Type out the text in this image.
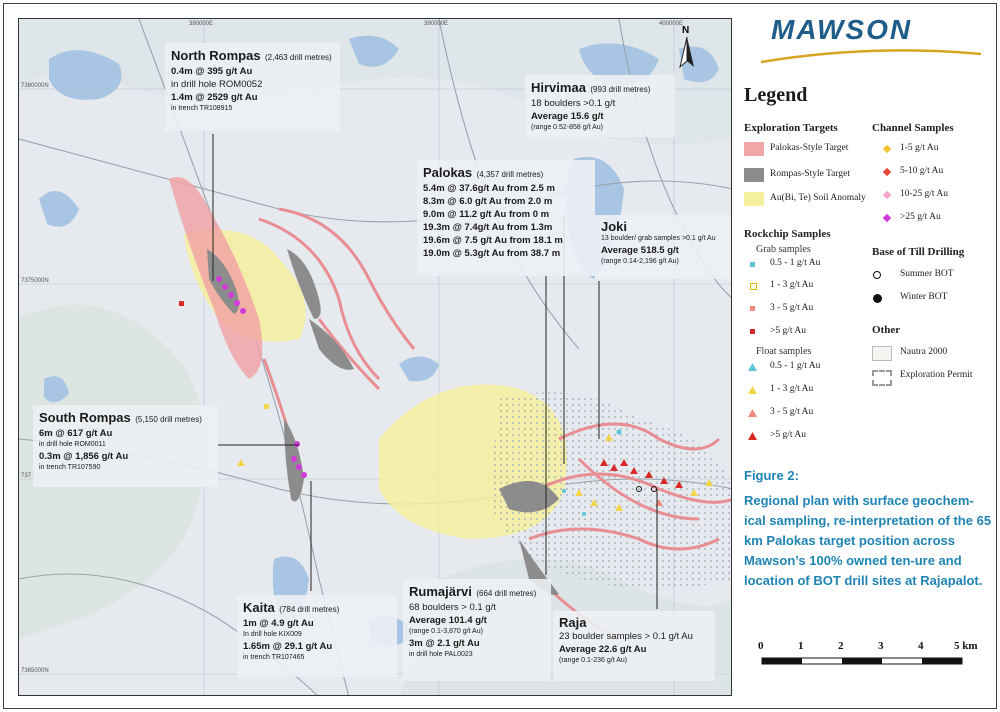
380000E	390000E	400000E
7380000N
7375000N
737
7365000N
N
North Rompas (2,463 drill metres)
0.4m @ 395 g/t Au
in drill hole ROM0052
1.4m @ 2529 g/t Au
in trench TR108915
Hirvimaa (993 drill metres)
18 boulders >0.1 g/t
Average 15.6 g/t
(range 0.52-858 g/t Au)
Palokas (4,357 drill metres)
5.4m @ 37.6g/t Au from 2.5 m
8.3m @ 6.0 g/t Au from 2.0 m
9.0m @ 11.2 g/t Au from 0 m
19.3m @ 7.4g/t Au from 1.3m
19.6m @ 7.5 g/t Au from 18.1 m
19.0m @ 5.3g/t Au from 38.7 m
Joki
13 boulder/ grab samples >0.1 g/t Au
Average 518.5 g/t
(range 0.14-2,196 g/t Au)
South Rompas (5,150 drill metres)
6m @ 617 g/t Au
in drill hole ROM0011
0.3m @ 1,856 g/t Au
in trench TR107590
Kaita (784 drill metres)
1m @ 4.9 g/t Au
In drill hole KIX009
1.65m @ 29.1 g/t Au
in trench TR107465
Rumajärvi (664 drill metres)
68 boulders > 0.1 g/t
Average 101.4 g/t
(range 0.1-3,870 g/t Au)
3m @ 2.1 g/t Au
in drill hole PAL0023
Raja
23 boulder samples > 0.1 g/t Au
Average 22.6 g/t Au
(range 0.1-236 g/t Au)
MAWSON
Legend
Exploration Targets
Palokas-Style Target
Rompas-Style Target
Au(Bi, Te) Soil Anomaly
Channel Samples
1-5 g/t Au
5-10 g/t Au
10-25 g/t Au
>25 g/t Au
Rockchip Samples
Grab samples
0.5 - 1 g/t Au
1 - 3 g/t Au
3 - 5 g/t Au
>5 g/t Au
Float samples
0.5 - 1 g/t Au
1 - 3 g/t Au
3 - 5 g/t Au
>5 g/t Au
Base of Till Drilling
Summer BOT
Winter BOT
Other
Nautra 2000
Exploration Permit
Figure 2:
Regional plan with surface geochem-ical sampling, re-interpretation of the 65 km Palokas target position across Mawson’s 100% owned ten-ure and location of BOT drill sites at Rajapalot.
0	1	2	3	4	5 km
